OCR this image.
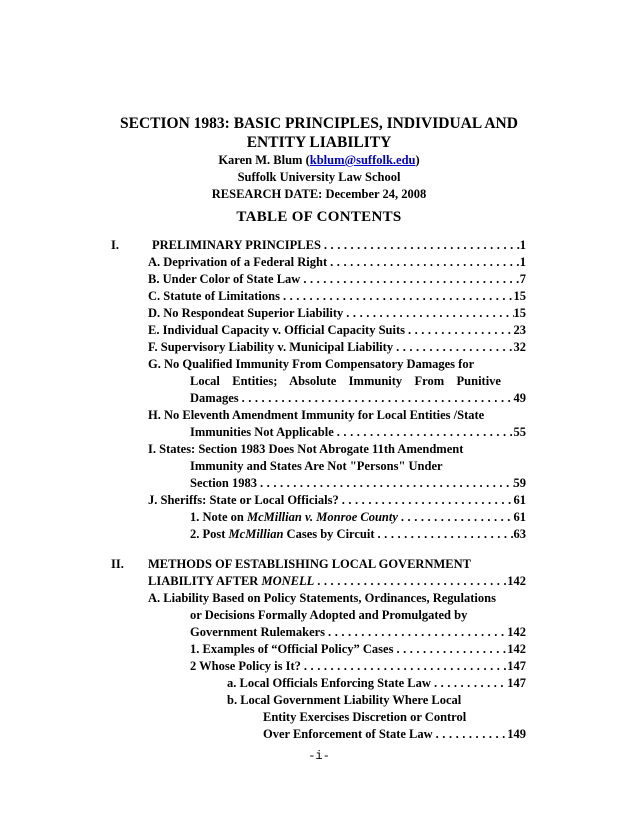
SECTION 1983: BASIC PRINCIPLES, INDIVIDUAL AND
ENTITY LIABILITY
Karen M. Blum (kblum@suffolk.edu)
Suffolk University Law School
RESEARCH DATE: December 24, 2008
TABLE OF CONTENTS
I.	PRELIMINARY PRINCIPLES . . .	1
A. Deprivation of a Federal Right . . .	1
B. Under Color of State Law . . .	7
C. Statute of Limitations . . .	15
D. No Respondeat Superior Liability . . .	15
E. Individual Capacity v. Official Capacity Suits . . .	23
F. Supervisory Liability v. Municipal Liability . . .	32
G. No Qualified Immunity From Compensatory Damages for
Local Entities; Absolute Immunity From Punitive
Damages . . .	49
H. No Eleventh Amendment Immunity for Local Entities /State
Immunities Not Applicable . . .	55
I. States: Section 1983 Does Not Abrogate 11th Amendment
Immunity and States Are Not "Persons" Under
Section 1983 . . .	59
J. Sheriffs: State or Local Officials? . . .	61
1. Note on McMillian v. Monroe County . . .	61
2. Post McMillian Cases by Circuit . . .	63
II. METHODS OF ESTABLISHING LOCAL GOVERNMENT
LIABILITY AFTER MONELL . . .	142
A. Liability Based on Policy Statements, Ordinances, Regulations
or Decisions Formally Adopted and Promulgated by
Government Rulemakers . . .	142
1. Examples of “Official Policy” Cases . . .	142
2 Whose Policy is It? . . .	147
a. Local Officials Enforcing State Law . . .	147
b. Local Government Liability Where Local
Entity Exercises Discretion or Control
Over Enforcement of State Law . . .	149
-i-
